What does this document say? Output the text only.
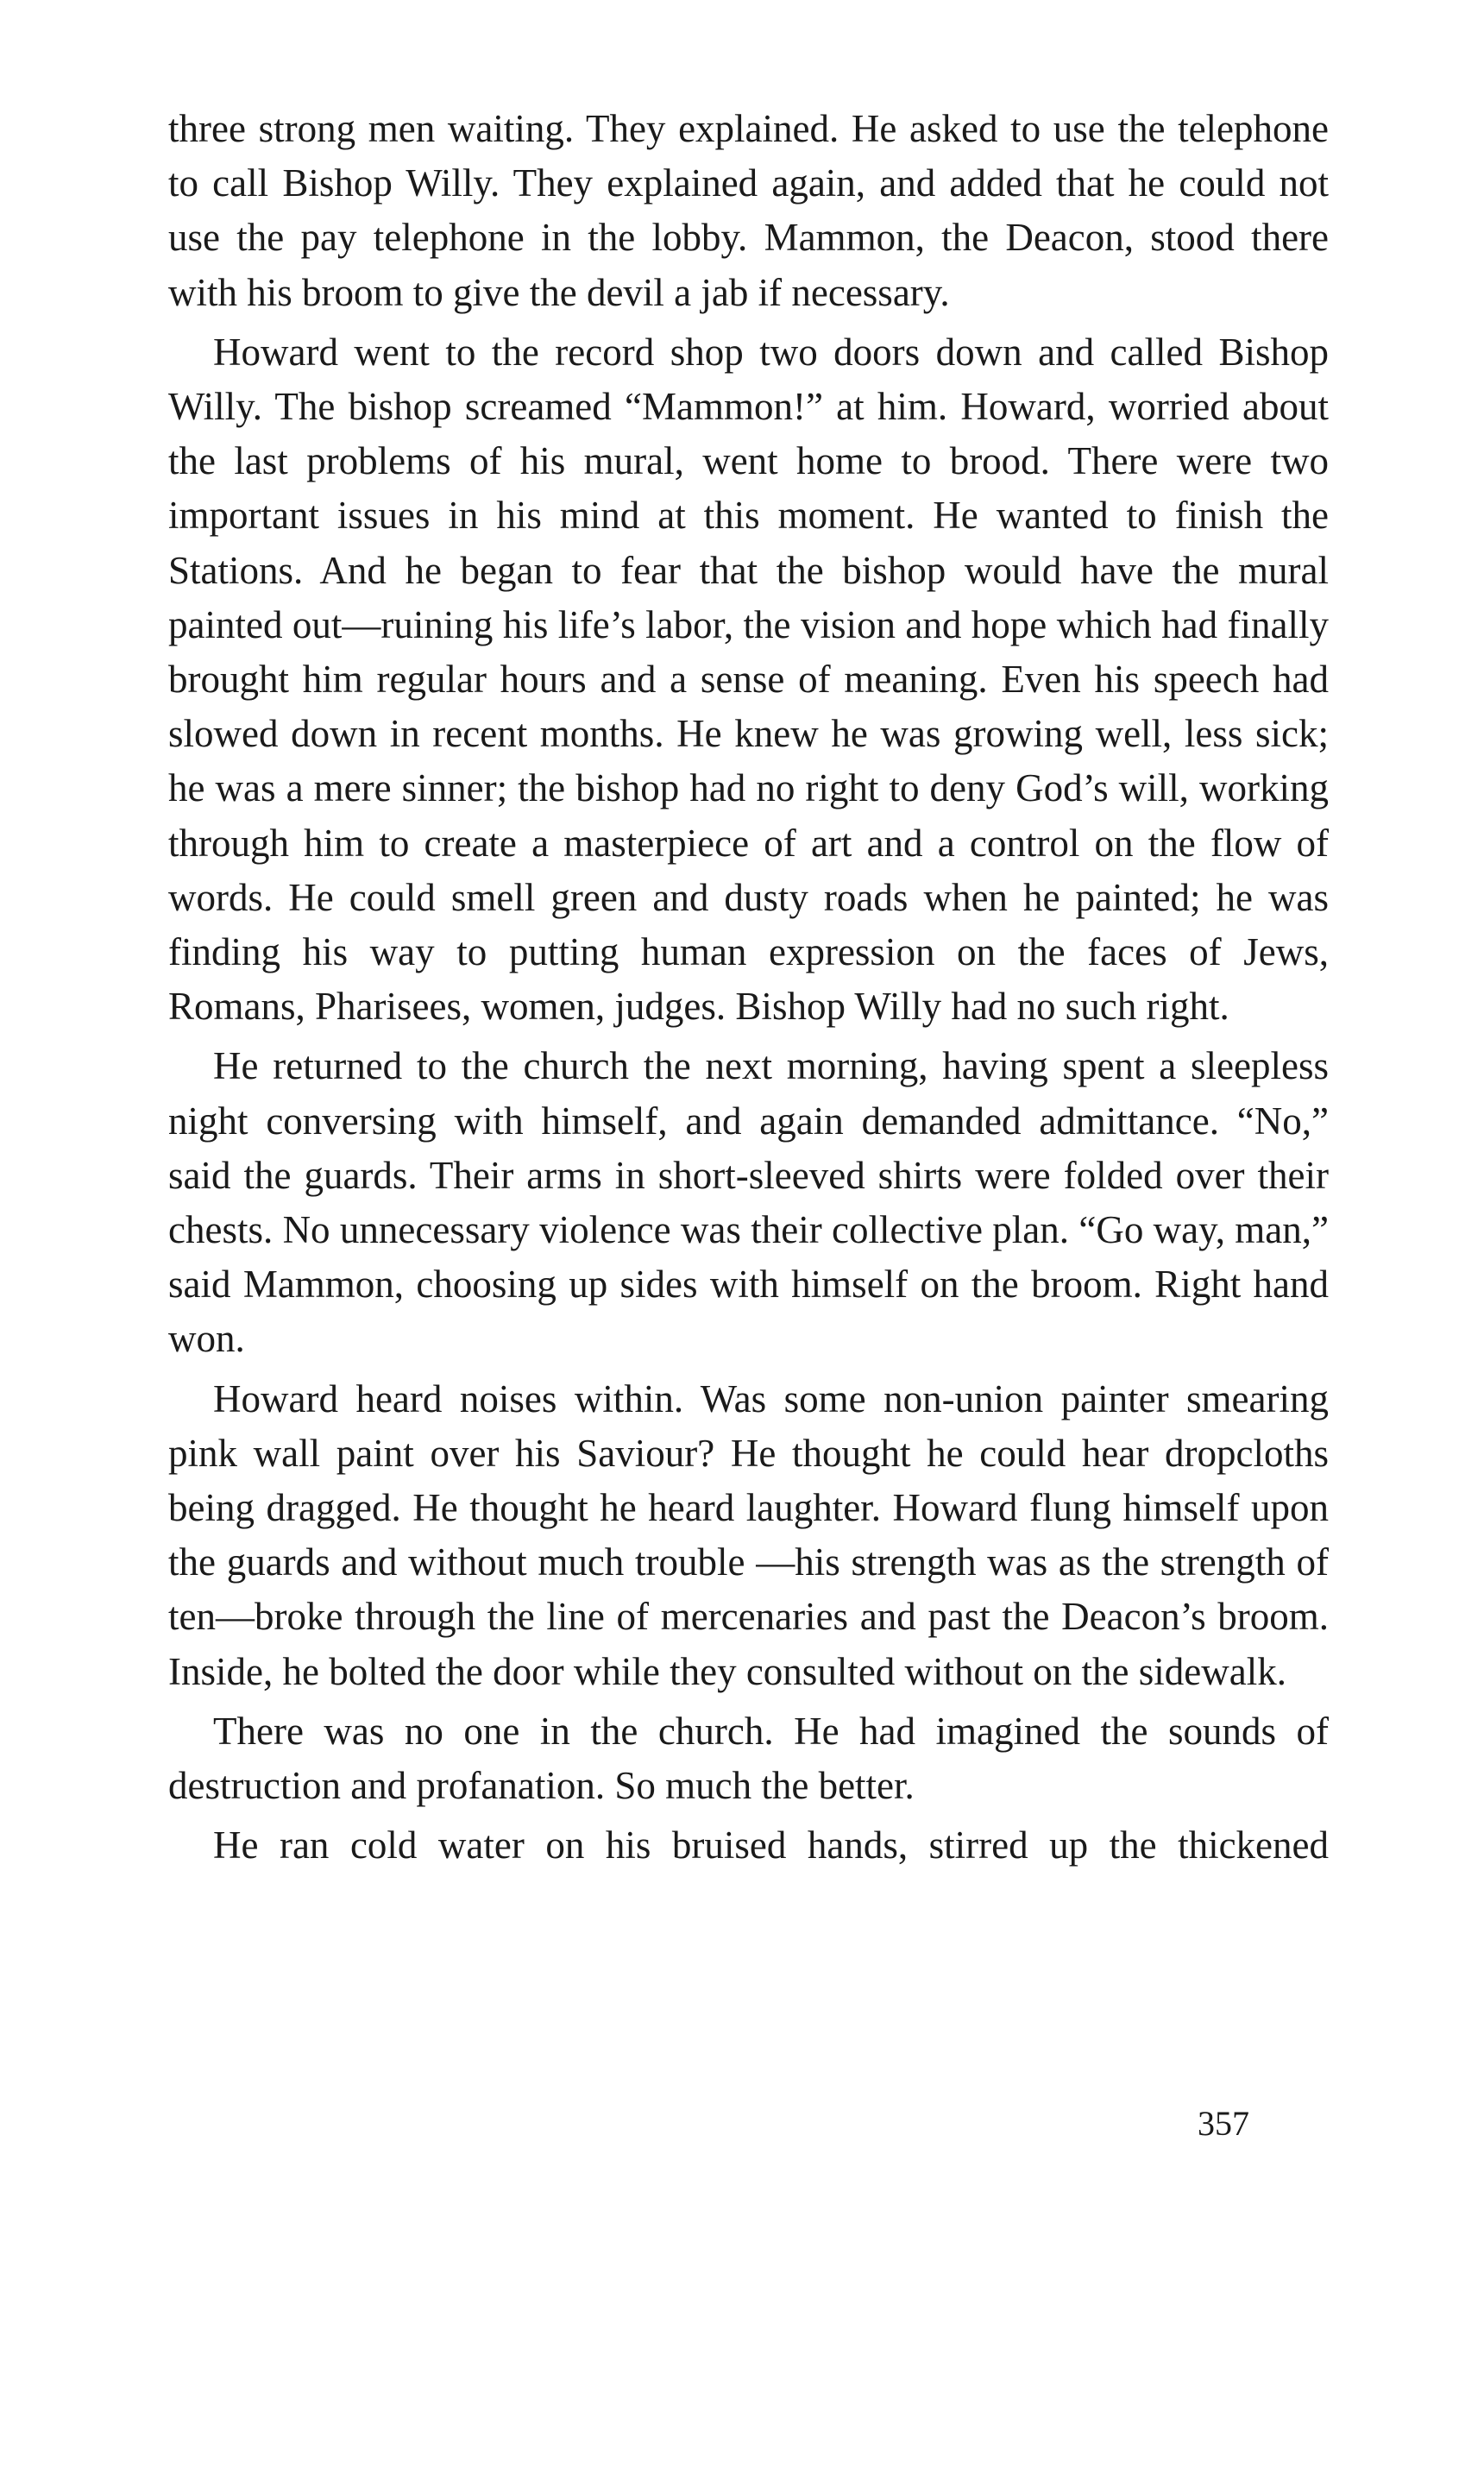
three strong men waiting. They explained. He asked to use the telephone to call Bishop Willy. They explained again, and added that he could not use the pay telephone in the lobby. Mammon, the Deacon, stood there with his broom to give the devil a jab if necessary.

Howard went to the record shop two doors down and called Bishop Willy. The bishop screamed “Mammon!” at him. Howard, worried about the last problems of his mural, went home to brood. There were two important issues in his mind at this moment. He wanted to finish the Stations. And he began to fear that the bishop would have the mural painted out—ruining his life’s labor, the vision and hope which had finally brought him regular hours and a sense of meaning. Even his speech had slowed down in recent months. He knew he was growing well, less sick; he was a mere sinner; the bishop had no right to deny God’s will, working through him to create a masterpiece of art and a control on the flow of words. He could smell green and dusty roads when he painted; he was finding his way to putting human expression on the faces of Jews, Romans, Pharisees, women, judges. Bishop Willy had no such right.

He returned to the church the next morning, having spent a sleepless night conversing with himself, and again demanded admittance. “No,” said the guards. Their arms in short-sleeved shirts were folded over their chests. No unnecessary violence was their collective plan. “Go way, man,” said Mammon, choosing up sides with himself on the broom. Right hand won.

Howard heard noises within. Was some non-union painter smearing pink wall paint over his Saviour? He thought he could hear dropcloths being dragged. He thought he heard laughter. Howard flung himself upon the guards and without much trouble —his strength was as the strength of ten—broke through the line of mercenaries and past the Deacon’s broom. Inside, he bolted the door while they consulted without on the sidewalk.

There was no one in the church. He had imagined the sounds of destruction and profanation. So much the better.

He ran cold water on his bruised hands, stirred up the thickened

357
